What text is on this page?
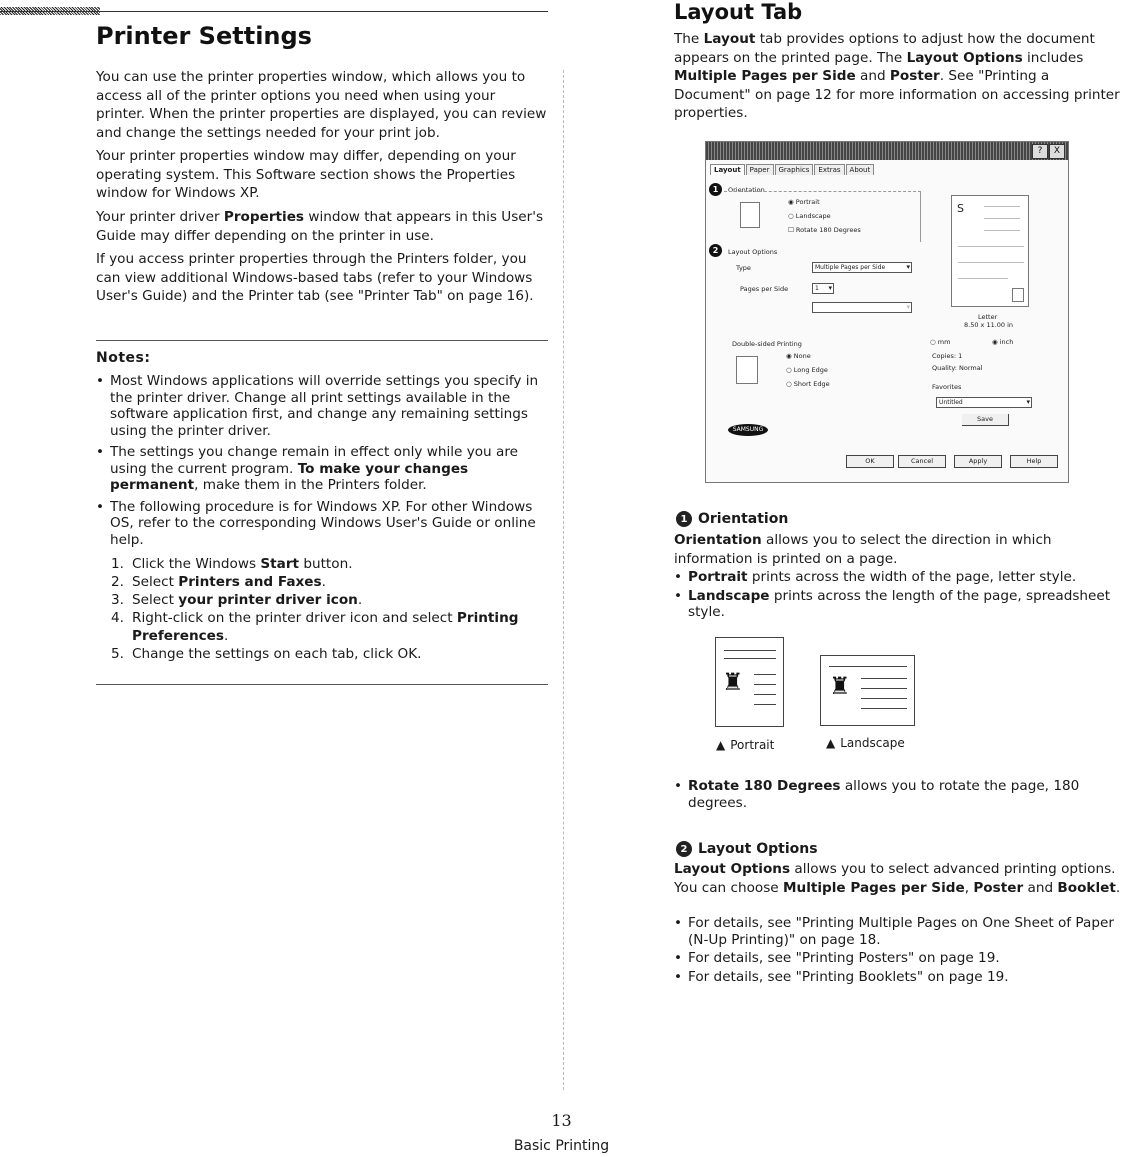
Printer Settings

You can use the printer properties window, which allows you to access all of the printer options you need when using your printer. When the printer properties are displayed, you can review and change the settings needed for your print job.

Your printer properties window may differ, depending on your operating system. This Software section shows the Properties window for Windows XP.

Your printer driver Properties window that appears in this User's Guide may differ depending on the printer in use.

If you access printer properties through the Printers folder, you can view additional Windows-based tabs (refer to your Windows User's Guide) and the Printer tab (see "Printer Tab" on page 16).

Notes:
• Most Windows applications will override settings you specify in the printer driver. Change all print settings available in the software application first, and change any remaining settings using the printer driver.
• The settings you change remain in effect only while you are using the current program. To make your changes permanent, make them in the Printers folder.
• The following procedure is for Windows XP. For other Windows OS, refer to the corresponding Windows User's Guide or online help.
1. Click the Windows Start button.
2. Select Printers and Faxes.
3. Select your printer driver icon.
4. Right-click on the printer driver icon and select Printing Preferences.
5. Change the settings on each tab, click OK.
Layout Tab

The Layout tab provides options to adjust how the document appears on the printed page. The Layout Options includes Multiple Pages per Side and Poster. See "Printing a Document" on page 12 for more information on accessing printer properties.

?	X
Layout	Paper	Graphics	Extras	About
1	Orientation
◉ Portrait
○ Landscape
☐ Rotate 180 Degrees
2	Layout Options
Type	Multiple Pages per Side ▾
Pages per Side	1 ▾
▾
Double-sided Printing
◉ None
○ Long Edge
○ Short Edge
S
Letter
8.50 x 11.00 in
○ mm	◉ inch
Copies: 1
Quality: Normal
Favorites
Untitled ▾
Save
SAMSUNG
OK	Cancel	Apply	Help
1 Orientation

Orientation allows you to select the direction in which information is printed on a page.

• Portrait prints across the width of the page, letter style.
• Landscape prints across the length of the page, spreadsheet style.
♜	♜
▲ Portrait	▲ Landscape
• Rotate 180 Degrees allows you to rotate the page, 180 degrees.
2 Layout Options

Layout Options allows you to select advanced printing options. You can choose Multiple Pages per Side, Poster and Booklet.

• For details, see "Printing Multiple Pages on One Sheet of Paper (N-Up Printing)" on page 18.
• For details, see "Printing Posters" on page 19.
• For details, see "Printing Booklets" on page 19.
13
Basic Printing
